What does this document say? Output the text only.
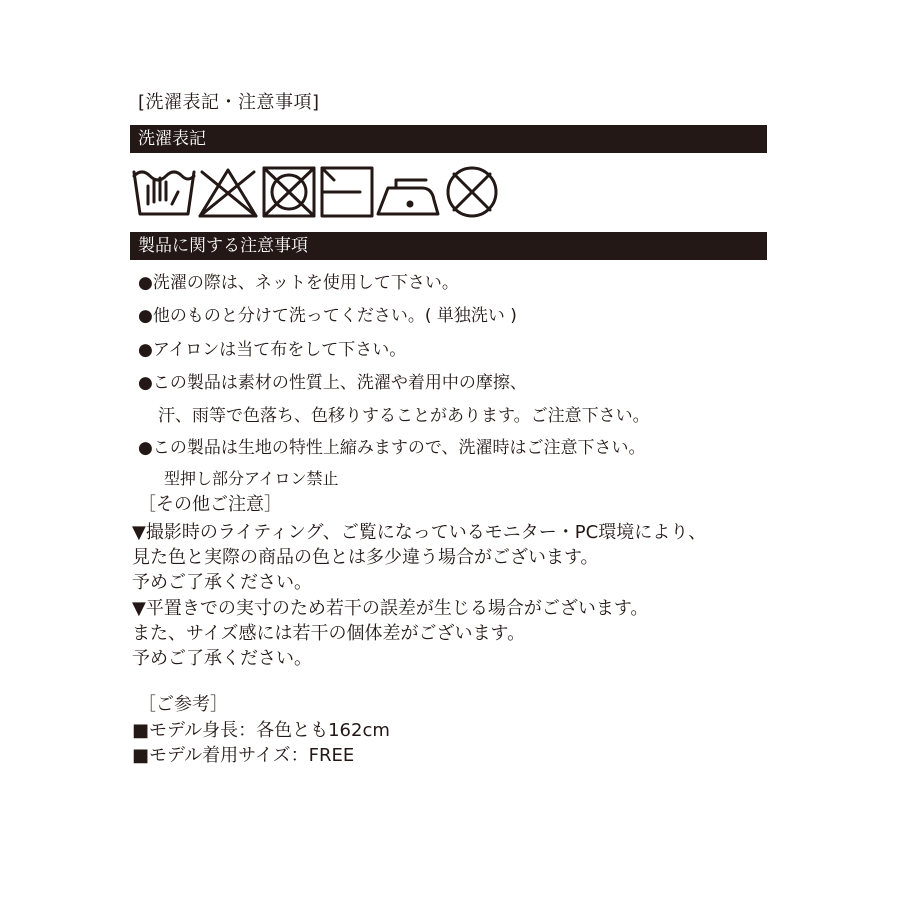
[洗濯表記・注意事項]
洗濯表記
製品に関する注意事項
●洗濯の際は、ネットを使用して下さい。
●他のものと分けて洗ってください。( 単独洗い )
●アイロンは当て布をして下さい。
●この製品は素材の性質上、洗濯や着用中の摩擦、
汗、雨等で色落ち、色移りすることがあります。ご注意下さい。
●この製品は生地の特性上縮みますので、洗濯時はご注意下さい。
型押し部分アイロン禁止
［その他ご注意］
▼撮影時のライティング、ご覧になっているモニター・PC環境により、
見た色と実際の商品の色とは多少違う場合がございます。
予めご了承ください。
▼平置きでの実寸のため若干の誤差が生じる場合がございます。
また、サイズ感には若干の個体差がございます。
予めご了承ください。
［ご参考］
■モデル身長：各色とも162cm
■モデル着用サイズ：FREE
